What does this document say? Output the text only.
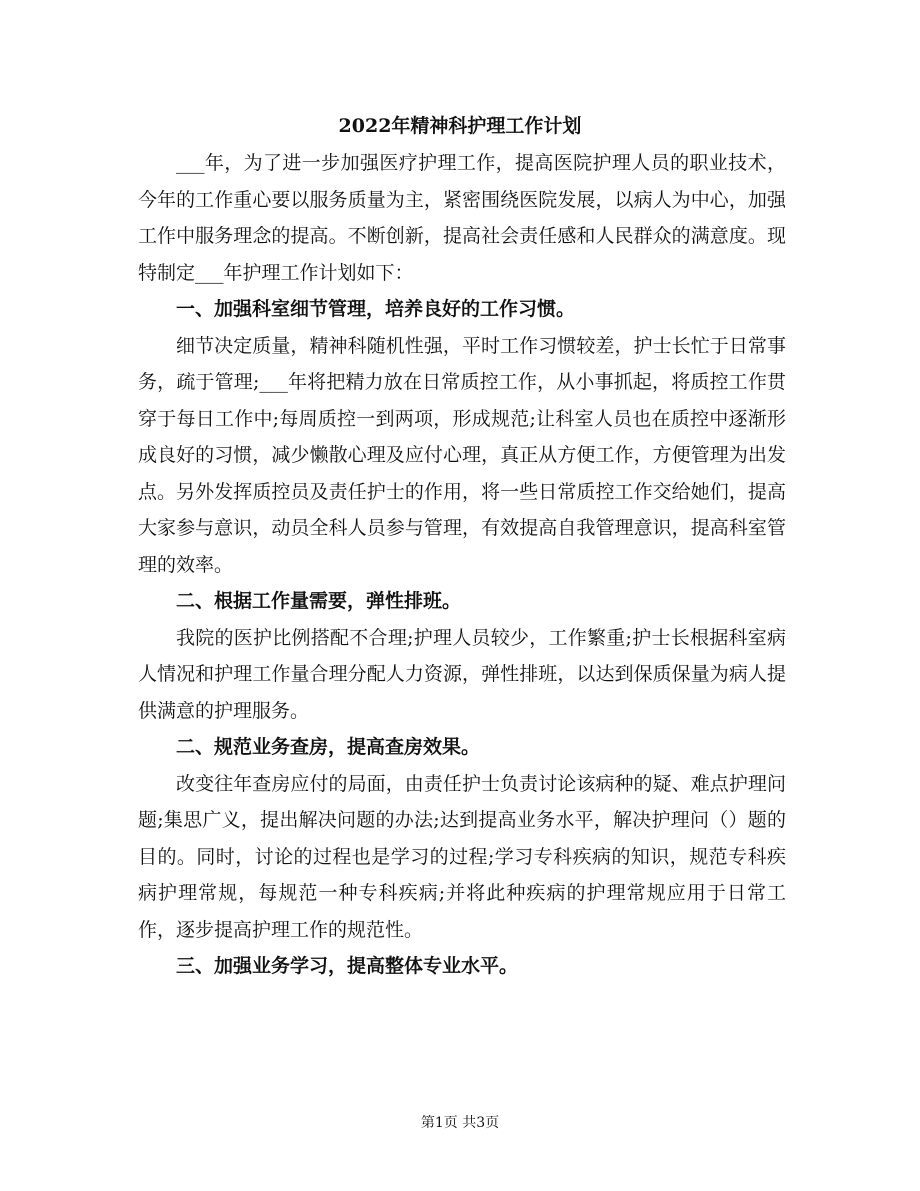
2022年精神科护理工作计划

___年，为了进一步加强医疗护理工作，提高医院护理人员的职业技术，今年的工作重心要以服务质量为主，紧密围绕医院发展，以病人为中心，加强工作中服务理念的提高。不断创新，提高社会责任感和人民群众的满意度。现特制定___年护理工作计划如下：

一、加强科室细节管理，培养良好的工作习惯。

细节决定质量，精神科随机性强，平时工作习惯较差，护士长忙于日常事务，疏于管理;___年将把精力放在日常质控工作，从小事抓起，将质控工作贯穿于每日工作中;每周质控一到两项，形成规范;让科室人员也在质控中逐渐形成良好的习惯，减少懒散心理及应付心理，真正从方便工作，方便管理为出发点。另外发挥质控员及责任护士的作用，将一些日常质控工作交给她们，提高大家参与意识，动员全科人员参与管理，有效提高自我管理意识，提高科室管理的效率。

二、根据工作量需要，弹性排班。

我院的医护比例搭配不合理;护理人员较少，工作繁重;护士长根据科室病人情况和护理工作量合理分配人力资源，弹性排班，以达到保质保量为病人提供满意的护理服务。

二、规范业务查房，提高查房效果。

改变往年查房应付的局面，由责任护士负责讨论该病种的疑、难点护理问题;集思广义，提出解决问题的办法;达到提高业务水平，解决护理问（）题的目的。同时，讨论的过程也是学习的过程;学习专科疾病的知识，规范专科疾病护理常规，每规范一种专科疾病;并将此种疾病的护理常规应用于日常工作，逐步提高护理工作的规范性。

三、加强业务学习，提高整体专业水平。

第1页 共3页
